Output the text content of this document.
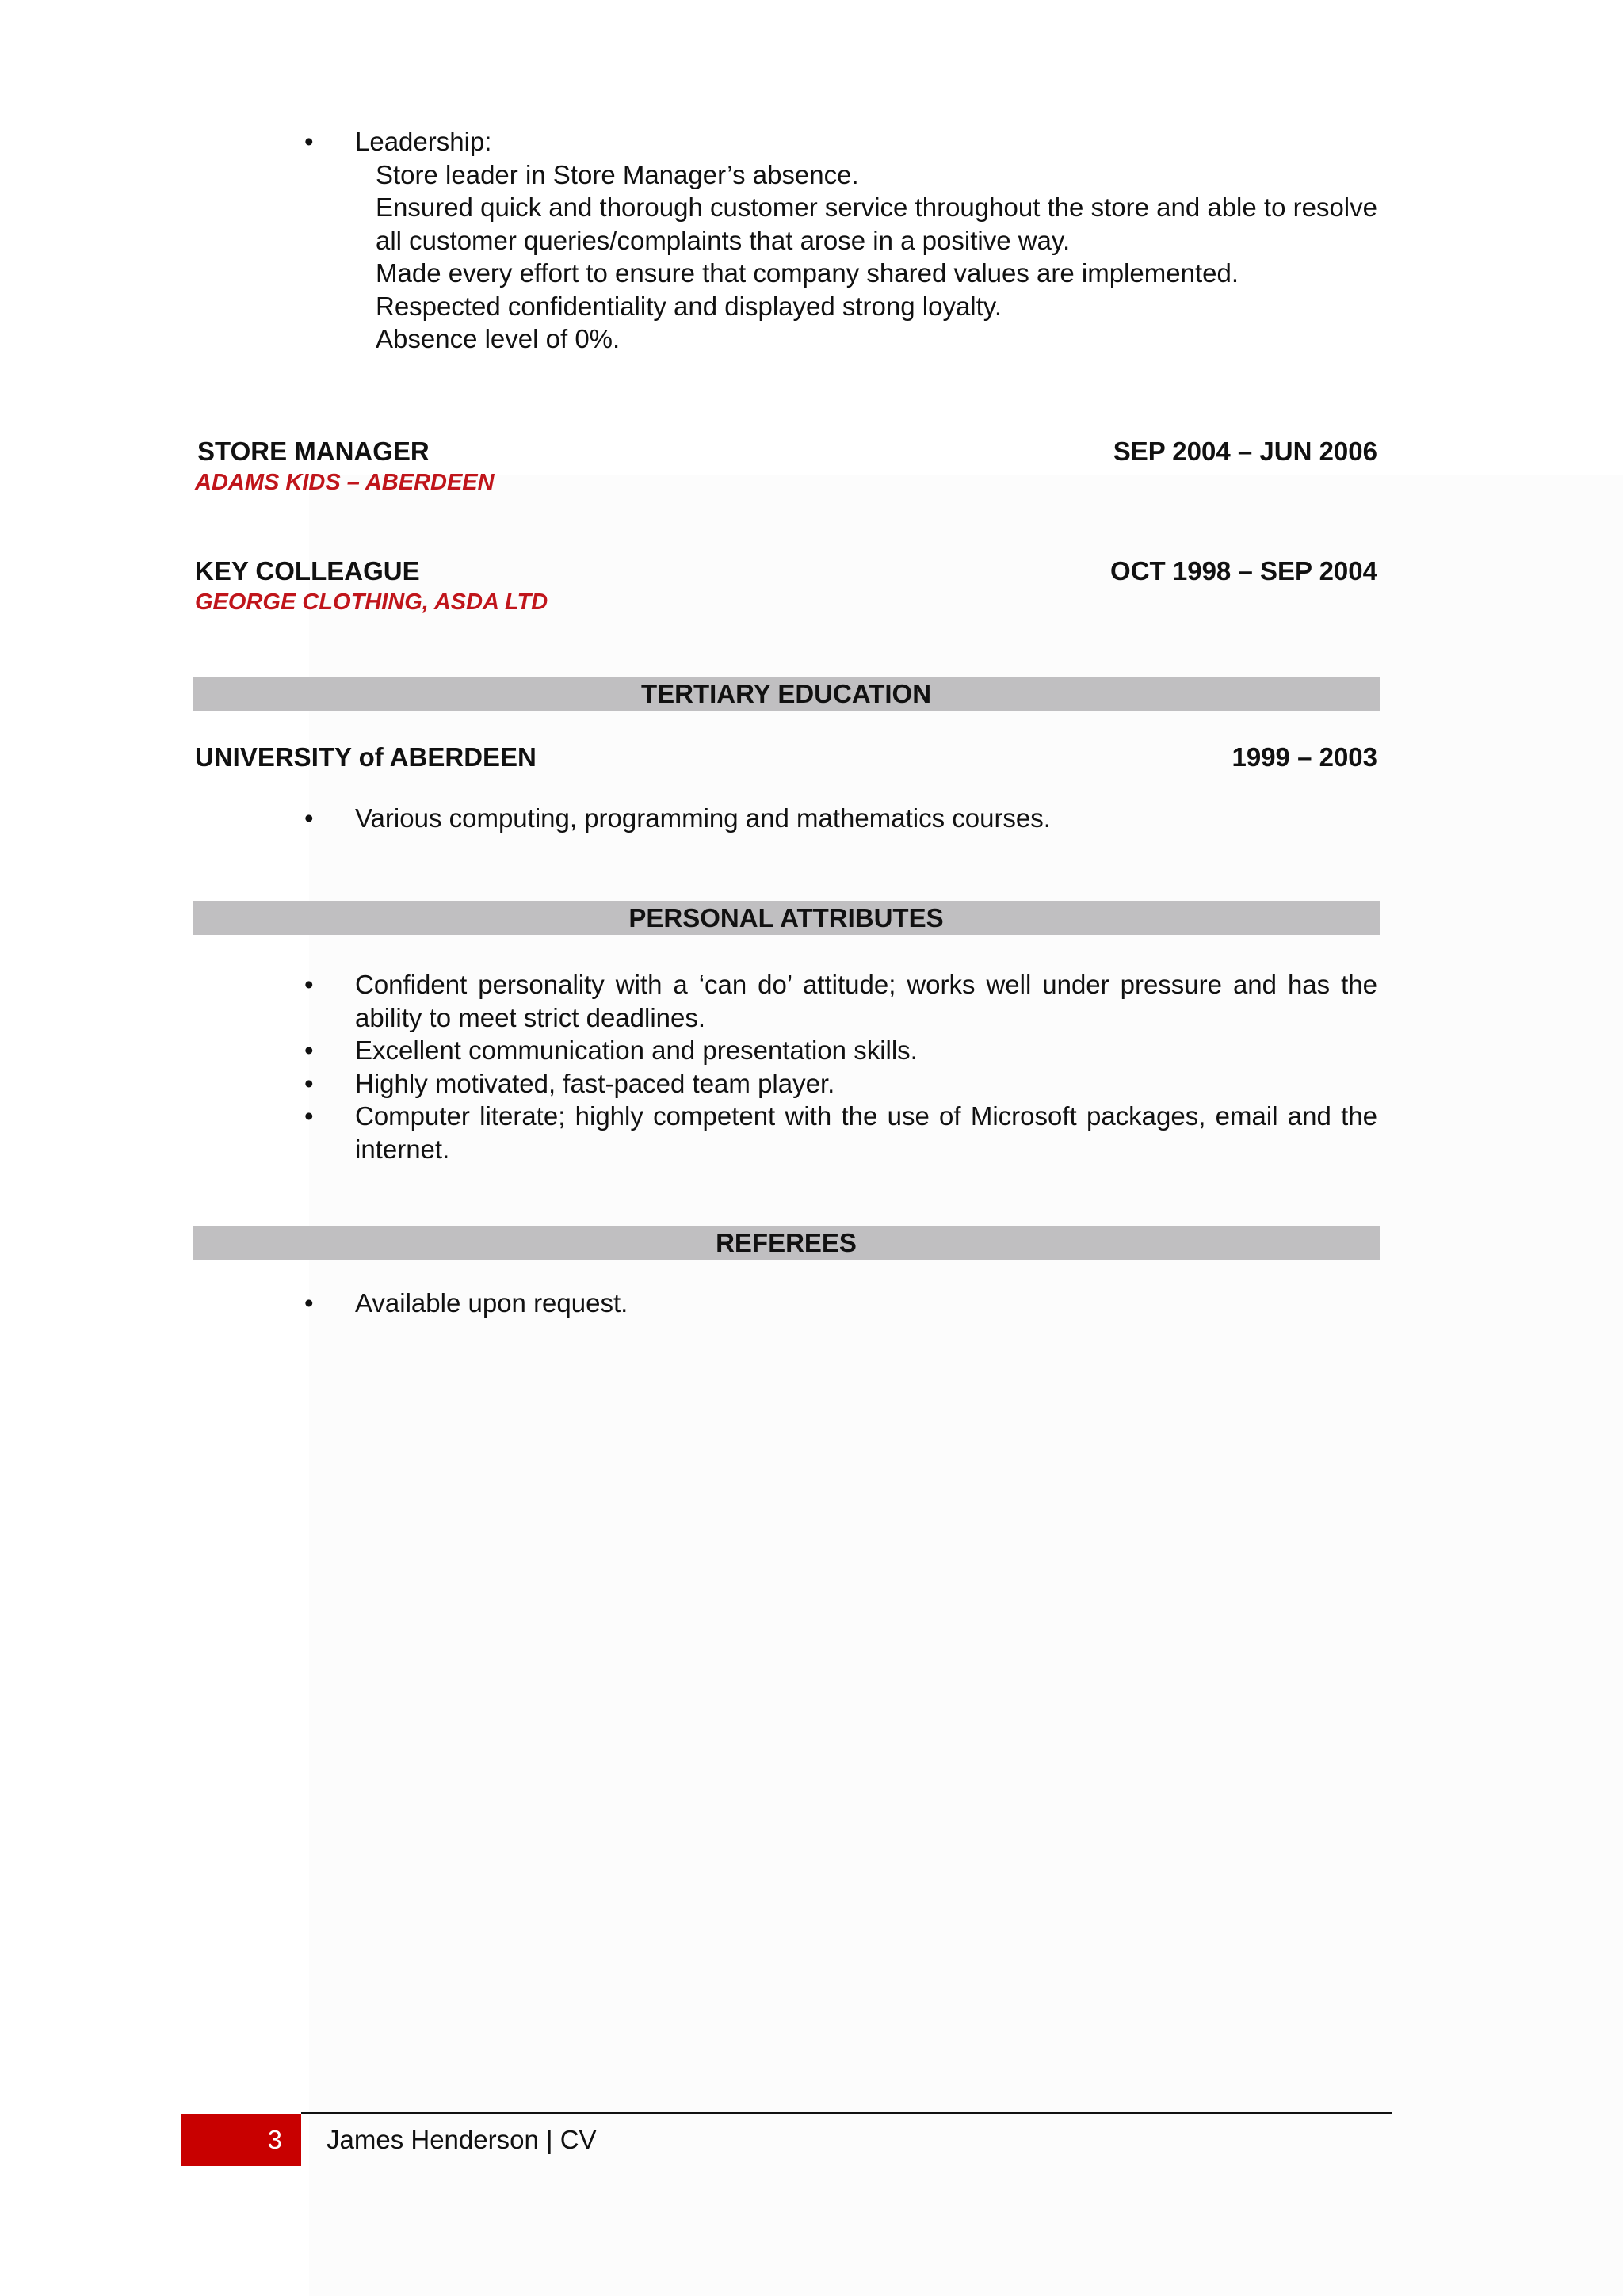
• Leadership:
Store leader in Store Manager’s absence.
Ensured quick and thorough customer service throughout the store and able to resolve all customer queries/complaints that arose in a positive way.
Made every effort to ensure that company shared values are implemented.
Respected confidentiality and displayed strong loyalty.
Absence level of 0%.
STORE MANAGER	SEP 2004 – JUN 2006
ADAMS KIDS – ABERDEEN
KEY COLLEAGUE	OCT 1998 – SEP 2004
GEORGE CLOTHING, ASDA LTD
TERTIARY EDUCATION
UNIVERSITY of ABERDEEN	1999 – 2003
• Various computing, programming and mathematics courses.
PERSONAL ATTRIBUTES
• Confident personality with a ‘can do’ attitude; works well under pressure and has the ability to meet strict deadlines.
• Excellent communication and presentation skills.
• Highly motivated, fast-paced team player.
• Computer literate; highly competent with the use of Microsoft packages, email and the internet.
REFEREES
• Available upon request.
3	James Henderson | CV
